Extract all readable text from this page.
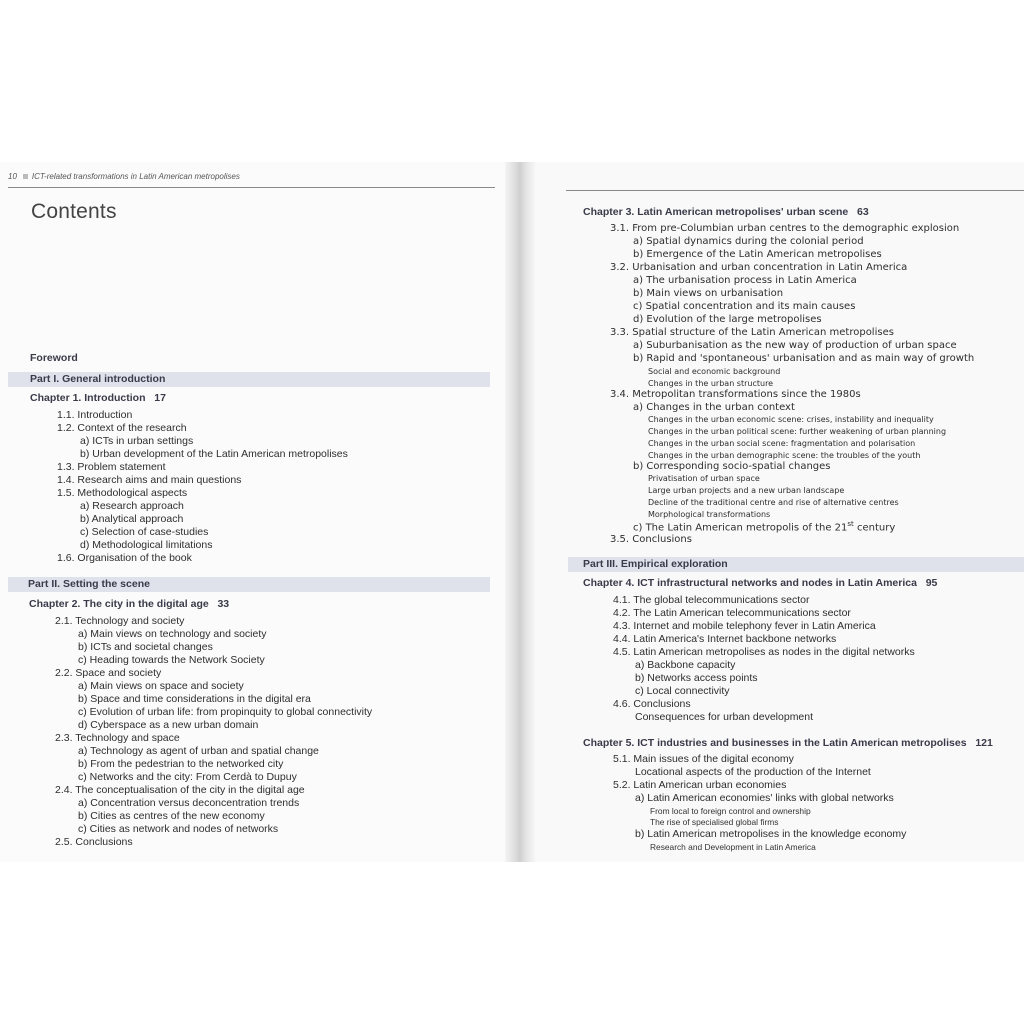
10 ICT-related transformations in Latin American metropolises
Contents
Foreword
Part I. General introduction
Chapter 1. Introduction 17
1.1. Introduction
1.2. Context of the research
a) ICTs in urban settings
b) Urban development of the Latin American metropolises
1.3. Problem statement
1.4. Research aims and main questions
1.5. Methodological aspects
a) Research approach
b) Analytical approach
c) Selection of case-studies
d) Methodological limitations
1.6. Organisation of the book
Part II. Setting the scene
Chapter 2. The city in the digital age 33
2.1. Technology and society
a) Main views on technology and society
b) ICTs and societal changes
c) Heading towards the Network Society
2.2. Space and society
a) Main views on space and society
b) Space and time considerations in the digital era
c) Evolution of urban life: from propinquity to global connectivity
d) Cyberspace as a new urban domain
2.3. Technology and space
a) Technology as agent of urban and spatial change
b) From the pedestrian to the networked city
c) Networks and the city: From Cerdà to Dupuy
2.4. The conceptualisation of the city in the digital age
a) Concentration versus deconcentration trends
b) Cities as centres of the new economy
c) Cities as network and nodes of networks
2.5. Conclusions
Chapter 3. Latin American metropolises' urban scene 63
3.1. From pre-Columbian urban centres to the demographic explosion
a) Spatial dynamics during the colonial period
b) Emergence of the Latin American metropolises
3.2. Urbanisation and urban concentration in Latin America
a) The urbanisation process in Latin America
b) Main views on urbanisation
c) Spatial concentration and its main causes
d) Evolution of the large metropolises
3.3. Spatial structure of the Latin American metropolises
a) Suburbanisation as the new way of production of urban space
b) Rapid and 'spontaneous' urbanisation and as main way of growth
Social and economic background
Changes in the urban structure
3.4. Metropolitan transformations since the 1980s
a) Changes in the urban context
Changes in the urban economic scene: crises, instability and inequality
Changes in the urban political scene: further weakening of urban planning
Changes in the urban social scene: fragmentation and polarisation
Changes in the urban demographic scene: the troubles of the youth
b) Corresponding socio-spatial changes
Privatisation of urban space
Large urban projects and a new urban landscape
Decline of the traditional centre and rise of alternative centres
Morphological transformations
c) The Latin American metropolis of the 21st century
3.5. Conclusions
Part III. Empirical exploration
Chapter 4. ICT infrastructural networks and nodes in Latin America 95
4.1. The global telecommunications sector
4.2. The Latin American telecommunications sector
4.3. Internet and mobile telephony fever in Latin America
4.4. Latin America's Internet backbone networks
4.5. Latin American metropolises as nodes in the digital networks
a) Backbone capacity
b) Networks access points
c) Local connectivity
4.6. Conclusions
Consequences for urban development
Chapter 5. ICT industries and businesses in the Latin American metropolises 121
5.1. Main issues of the digital economy
Locational aspects of the production of the Internet
5.2. Latin American urban economies
a) Latin American economies' links with global networks
From local to foreign control and ownership
The rise of specialised global firms
b) Latin American metropolises in the knowledge economy
Research and Development in Latin America
